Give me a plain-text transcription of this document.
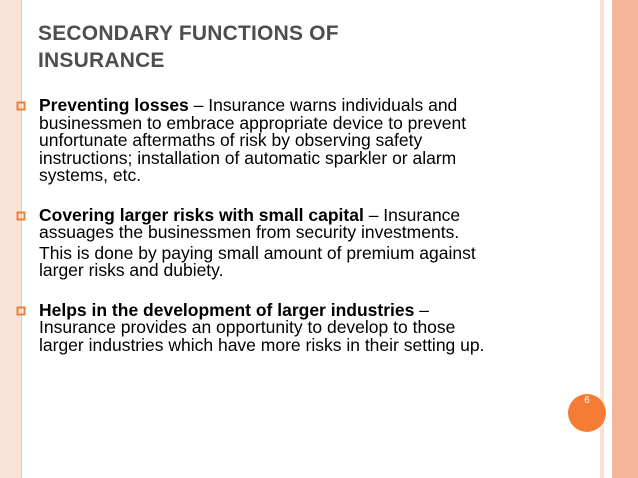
SECONDARY FUNCTIONS OF
INSURANCE
Preventing losses – Insurance warns individuals and
businessmen to embrace appropriate device to prevent
unfortunate aftermaths of risk by observing safety
instructions; installation of automatic sparkler or alarm
systems, etc.
Covering larger risks with small capital – Insurance
assuages the businessmen from security investments.
This is done by paying small amount of premium against
larger risks and dubiety.
Helps in the development of larger industries –
Insurance provides an opportunity to develop to those
larger industries which have more risks in their setting up.
6
